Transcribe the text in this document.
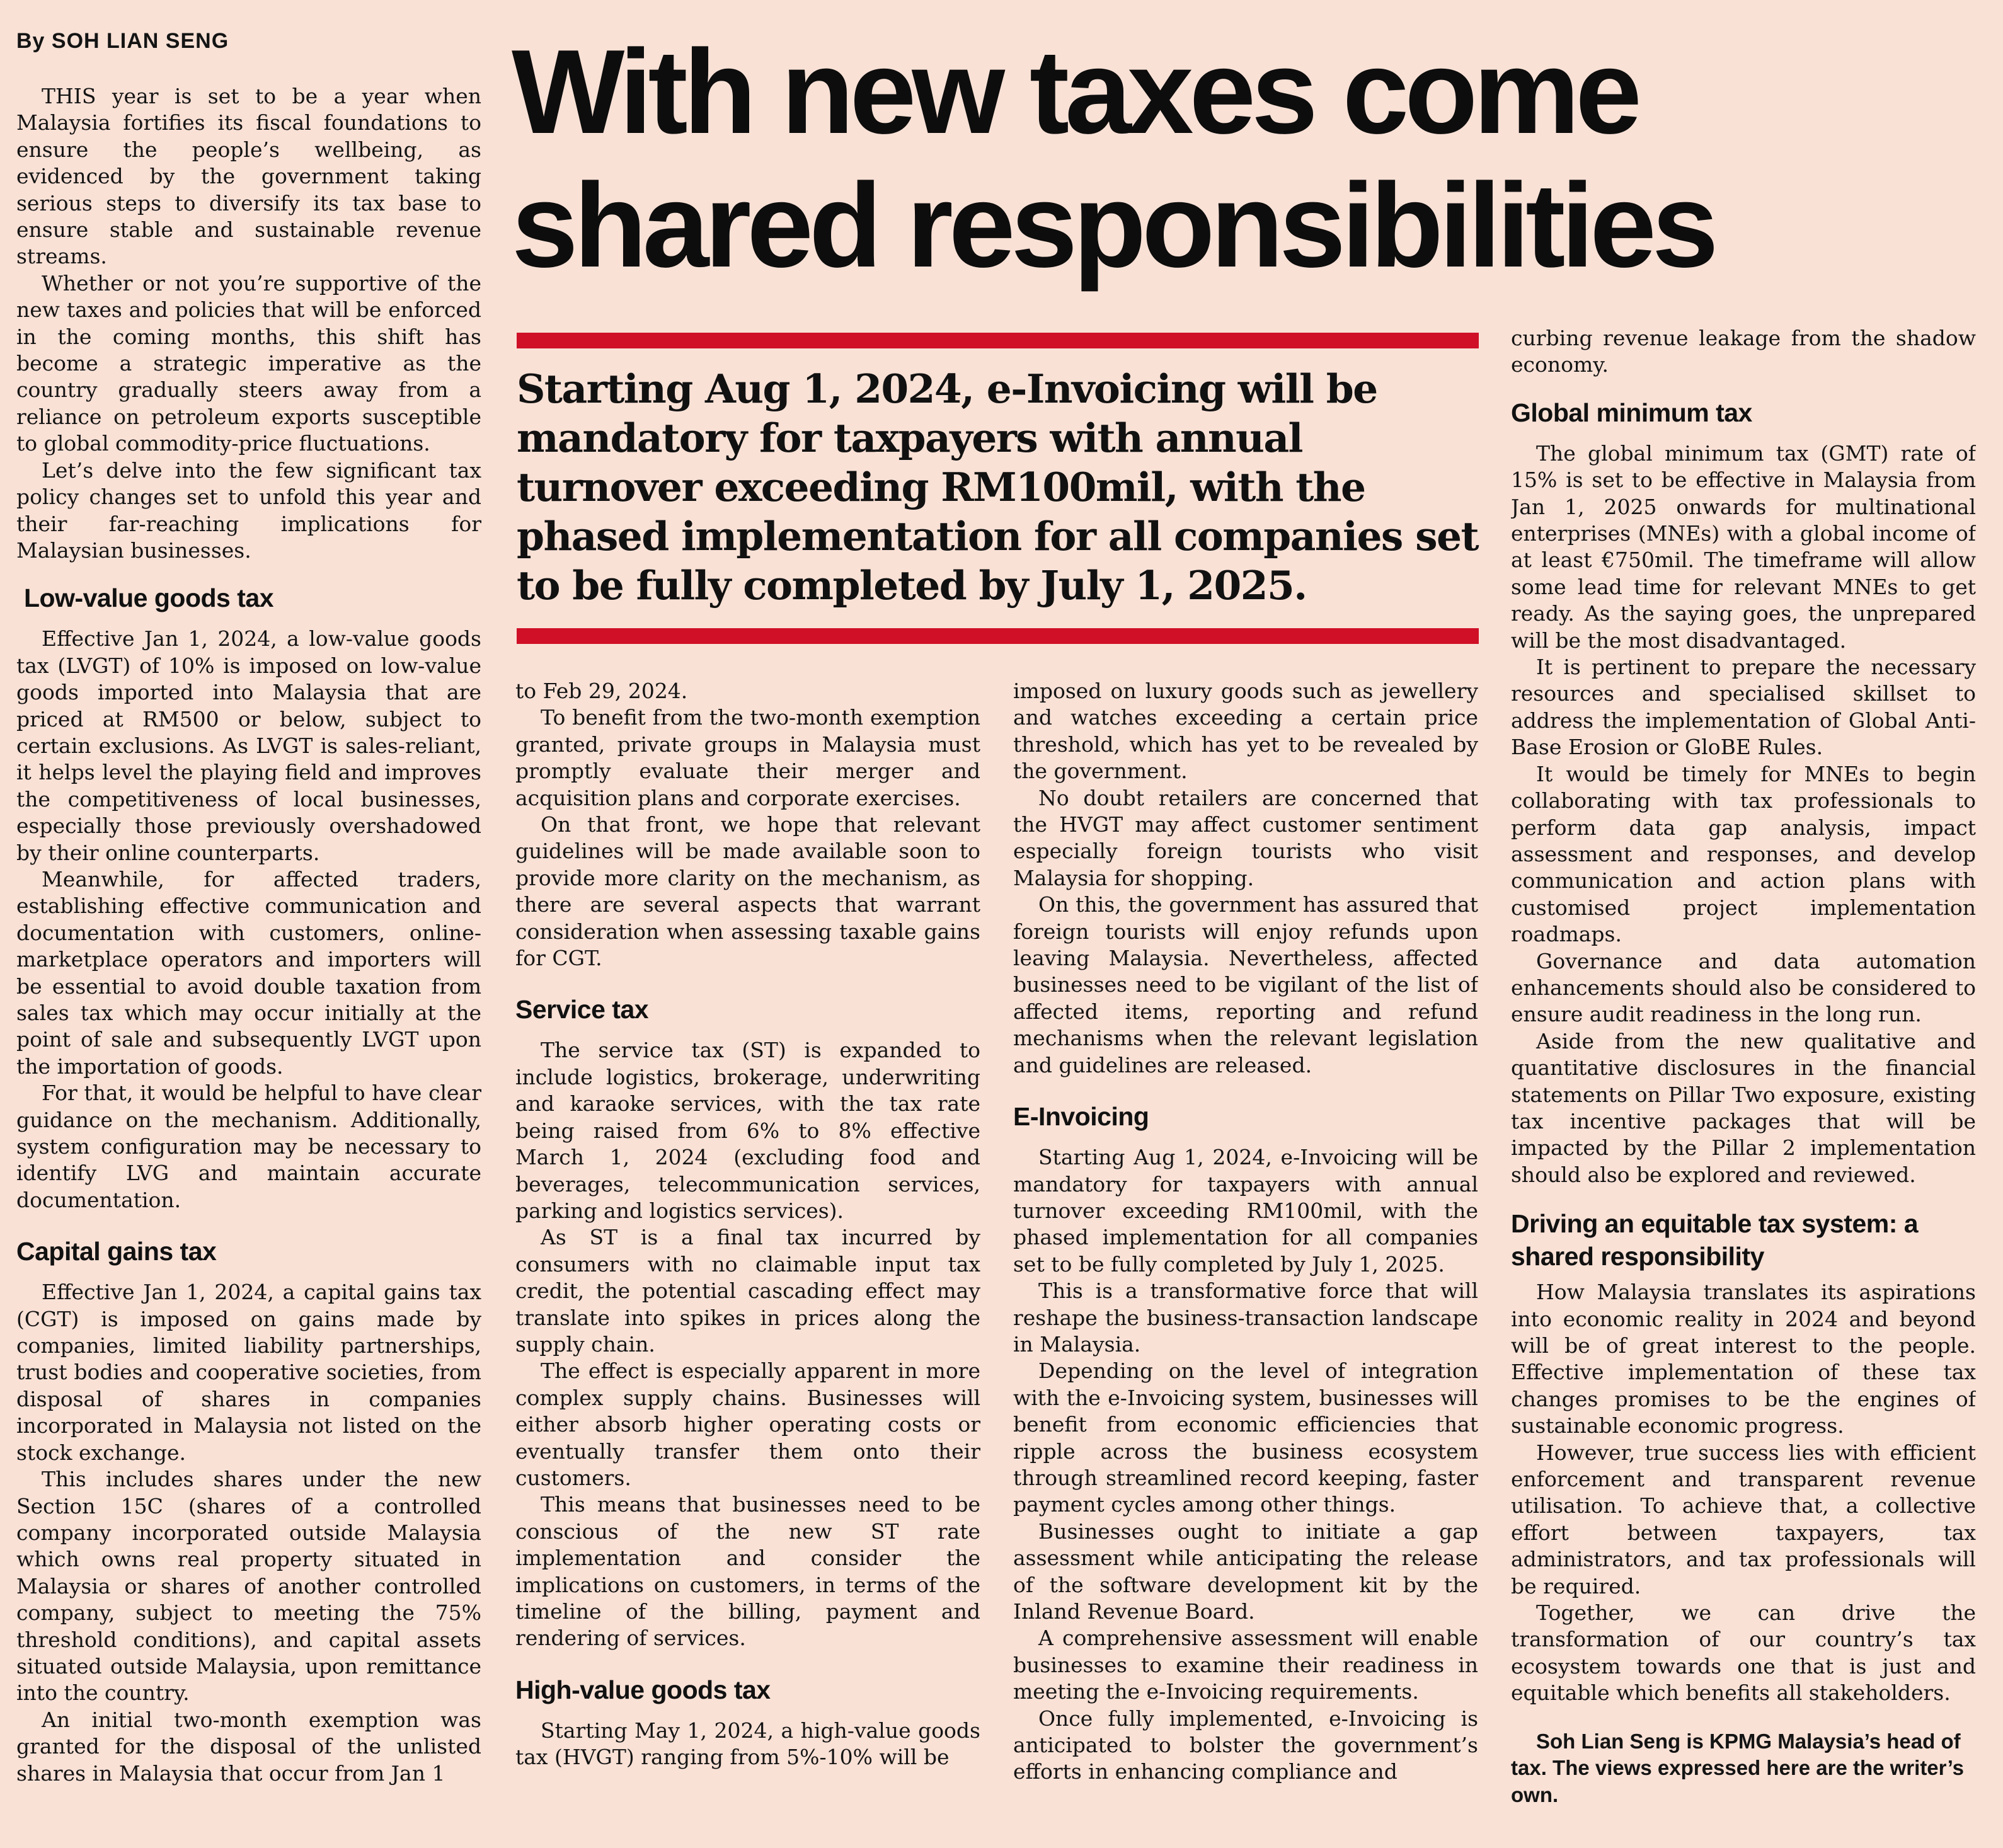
By SOH LIAN SENG With new taxes come shared responsibilities

Starting Aug 1, 2024, e-Invoicing will be mandatory for taxpayers with annual turnover exceeding RM100mil, with the phased implementation for all companies set to be fully completed by July 1, 2025.

THIS year is set to be a year when Malaysia fortifies its fiscal foundations to ensure the people’s wellbeing, as evidenced by the government taking serious steps to diversify its tax base to ensure stable and sustainable revenue streams.

Whether or not you’re supportive of the new taxes and policies that will be enforced in the coming months, this shift has become a strategic imperative as the country gradually steers away from a reliance on petroleum exports susceptible to global commodity-price fluctuations.

Let’s delve into the few significant tax policy changes set to unfold this year and their far-reaching implications for Malaysian businesses.

Low-value goods tax

Effective Jan 1, 2024, a low-value goods tax (LVGT) of 10% is imposed on low-value goods imported into Malaysia that are priced at RM500 or below, subject to certain exclusions. As LVGT is sales-reliant, it helps level the playing field and improves the competitiveness of local businesses, especially those previously overshadowed by their online counterparts.

Meanwhile, for affected traders, establishing effective communication and documentation with customers, online-marketplace operators and importers will be essential to avoid double taxation from sales tax which may occur initially at the point of sale and subsequently LVGT upon the importation of goods.

For that, it would be helpful to have clear guidance on the mechanism. Additionally, system configuration may be necessary to identify LVG and maintain accurate documentation.

Capital gains tax

Effective Jan 1, 2024, a capital gains tax (CGT) is imposed on gains made by companies, limited liability partnerships, trust bodies and cooperative societies, from disposal of shares in companies incorporated in Malaysia not listed on the stock exchange.

This includes shares under the new Section 15C (shares of a controlled company incorporated outside Malaysia which owns real property situated in Malaysia or shares of another controlled company, subject to meeting the 75% threshold conditions), and capital assets situated outside Malaysia, upon remittance into the country.

An initial two-month exemption was granted for the disposal of the unlisted shares in Malaysia that occur from Jan 1

to Feb 29, 2024.

To benefit from the two-month exemption granted, private groups in Malaysia must promptly evaluate their merger and acquisition plans and corporate exercises.

On that front, we hope that relevant guidelines will be made available soon to provide more clarity on the mechanism, as there are several aspects that warrant consideration when assessing taxable gains for CGT.

Service tax

The service tax (ST) is expanded to include logistics, brokerage, underwriting and karaoke services, with the tax rate being raised from 6% to 8% effective March 1, 2024 (excluding food and beverages, telecommunication services, parking and logistics services).

As ST is a final tax incurred by consumers with no claimable input tax credit, the potential cascading effect may translate into spikes in prices along the supply chain.

The effect is especially apparent in more complex supply chains. Businesses will either absorb higher operating costs or eventually transfer them onto their customers.

This means that businesses need to be conscious of the new ST rate implementation and consider the implications on customers, in terms of the timeline of the billing, payment and rendering of services.

High-value goods tax

Starting May 1, 2024, a high-value goods tax (HVGT) ranging from 5%-10% will be

imposed on luxury goods such as jewellery and watches exceeding a certain price threshold, which has yet to be revealed by the government.

No doubt retailers are concerned that the HVGT may affect customer sentiment especially foreign tourists who visit Malaysia for shopping.

On this, the government has assured that foreign tourists will enjoy refunds upon leaving Malaysia. Nevertheless, affected businesses need to be vigilant of the list of affected items, reporting and refund mechanisms when the relevant legislation and guidelines are released.

E-Invoicing

Starting Aug 1, 2024, e-Invoicing will be mandatory for taxpayers with annual turnover exceeding RM100mil, with the phased implementation for all companies set to be fully completed by July 1, 2025.

This is a transformative force that will reshape the business-transaction landscape in Malaysia.

Depending on the level of integration with the e-Invoicing system, businesses will benefit from economic efficiencies that ripple across the business ecosystem through streamlined record keeping, faster payment cycles among other things.

Businesses ought to initiate a gap assessment while anticipating the release of the software development kit by the Inland Revenue Board.

A comprehensive assessment will enable businesses to examine their readiness in meeting the e-Invoicing requirements.

Once fully implemented, e-Invoicing is anticipated to bolster the government’s efforts in enhancing compliance and

curbing revenue leakage from the shadow economy.

Global minimum tax

The global minimum tax (GMT) rate of 15% is set to be effective in Malaysia from Jan 1, 2025 onwards for multinational enterprises (MNEs) with a global income of at least €750mil. The timeframe will allow some lead time for relevant MNEs to get ready. As the saying goes, the unprepared will be the most disadvantaged.

It is pertinent to prepare the necessary resources and specialised skillset to address the implementation of Global Anti-Base Erosion or GloBE Rules.

It would be timely for MNEs to begin collaborating with tax professionals to perform data gap analysis, impact assessment and responses, and develop communication and action plans with customised project implementation roadmaps.

Governance and data automation enhancements should also be considered to ensure audit readiness in the long run.

Aside from the new qualitative and quantitative disclosures in the financial statements on Pillar Two exposure, existing tax incentive packages that will be impacted by the Pillar 2 implementation should also be explored and reviewed.

Driving an equitable tax system: a shared responsibility

How Malaysia translates its aspirations into economic reality in 2024 and beyond will be of great interest to the people. Effective implementation of these tax changes promises to be the engines of sustainable economic progress.

However, true success lies with efficient enforcement and transparent revenue utilisation. To achieve that, a collective effort between taxpayers, tax administrators, and tax professionals will be required.

Together, we can drive the transformation of our country’s tax ecosystem towards one that is just and equitable which benefits all stakeholders.

Soh Lian Seng is KPMG Malaysia’s head of tax. The views expressed here are the writer’s own.
